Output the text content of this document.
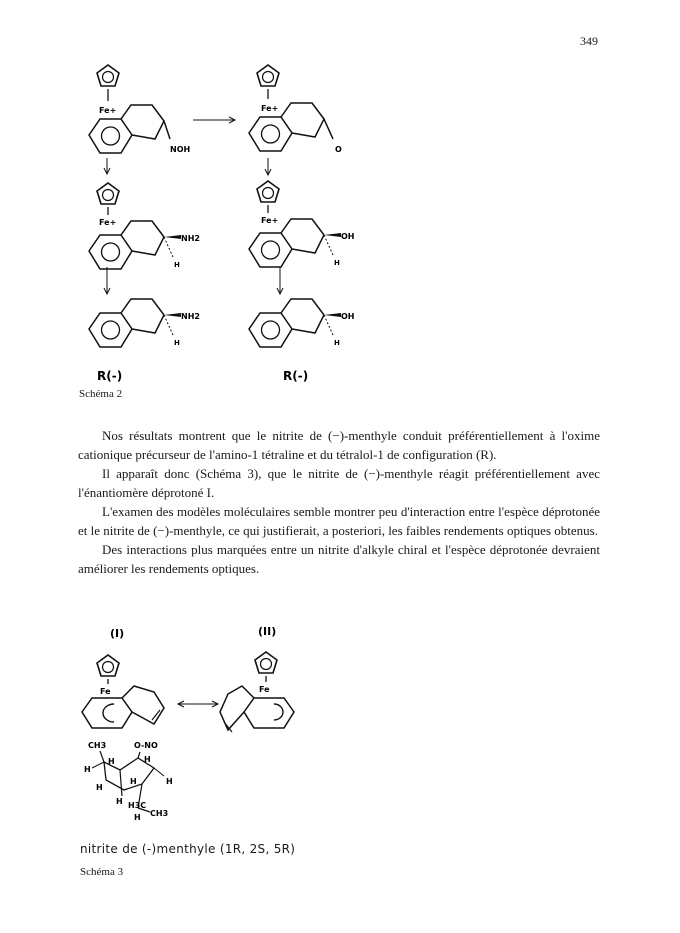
349
Fe+
NOH
Fe+
O
Fe+
NH2
H
Fe+
OH
H
NH2
H
OH
H
R(-)	R(-)
Schéma 2

Nos résultats montrent que le nitrite de (−)-menthyle conduit préférentiellement à l'oxime cationique précurseur de l'amino-1 tétraline et du tétralol-1 de configuration (R).

Il apparaît donc (Schéma 3), que le nitrite de (−)-menthyle réagit préférentiellement avec l'énantiomère déprotoné I.

L'examen des modèles moléculaires semble montrer peu d'interaction entre l'espèce déprotonée et le nitrite de (−)-menthyle, ce qui justifierait, a posteriori, les faibles rendements optiques obtenus.

Des interactions plus marquées entre un nitrite d'alkyle chiral et l'espèce déprotonée devraient améliorer les rendements optiques.

(I)	(II)
Fe	Fe
CH3	O-NO
H
H	H
H
H
H
H
H
H3C
CH3
nitrite de (-)menthyle (1R, 2S, 5R)
Schéma 3
